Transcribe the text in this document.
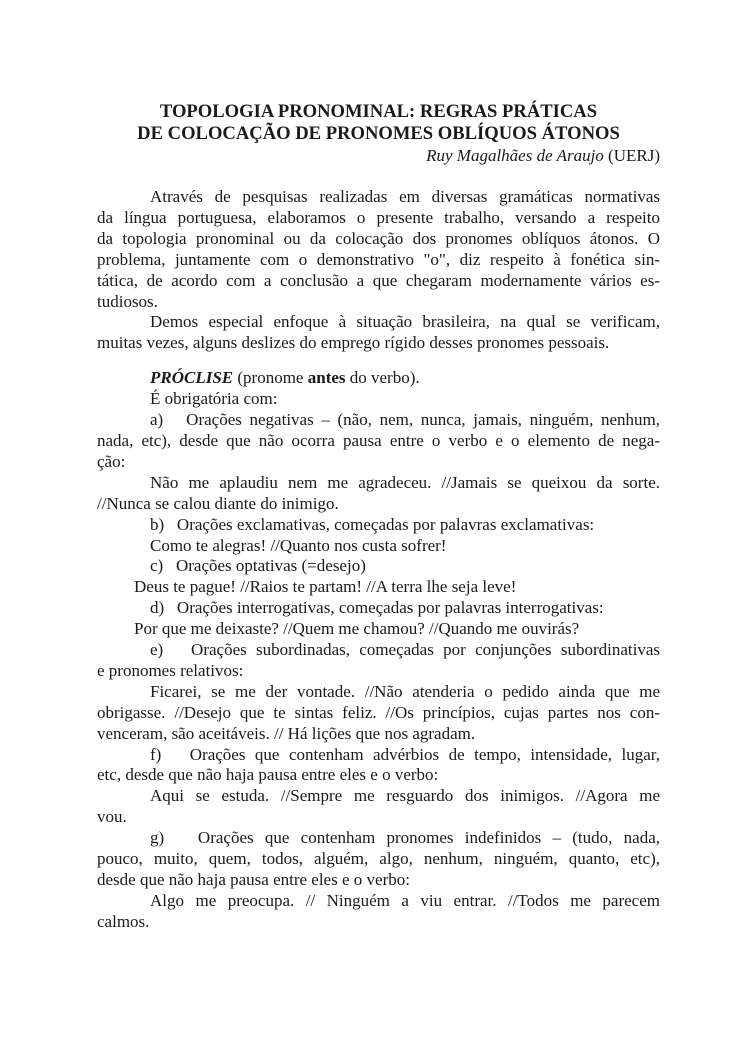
TOPOLOGIA PRONOMINAL: REGRAS PRÁTICAS
DE COLOCAÇÃO DE PRONOMES OBLÍQUOS ÁTONOS
Ruy Magalhães de Araujo (UERJ)
Através de pesquisas realizadas em diversas gramáticas normativas
da língua portuguesa, elaboramos o presente trabalho, versando a respeito
da topologia pronominal ou da colocação dos pronomes oblíquos átonos. O
problema, juntamente com o demonstrativo "o", diz respeito à fonética sin-
tática, de acordo com a conclusão a que chegaram modernamente vários es-
tudiosos.
Demos especial enfoque à situação brasileira, na qual se verificam,
muitas vezes, alguns deslizes do emprego rígido desses pronomes pessoais.
PRÓCLISE (pronome antes do verbo).
É obrigatória com:
a)   Orações negativas – (não, nem, nunca, jamais, ninguém, nenhum,
nada, etc), desde que não ocorra pausa entre o verbo e o elemento de nega-
ção:
Não me aplaudiu nem me agradeceu. //Jamais se queixou da sorte.
//Nunca se calou diante do inimigo.
b)   Orações exclamativas, começadas por palavras exclamativas:
Como te alegras! //Quanto nos custa sofrer!
c)   Orações optativas (=desejo)
Deus te pague! //Raios te partam! //A terra lhe seja leve!
d)   Orações interrogativas, começadas por palavras interrogativas:
Por que me deixaste? //Quem me chamou? //Quando me ouvirás?
e)   Orações subordinadas, começadas por conjunções subordinativas
e pronomes relativos:
Ficarei, se me der vontade. //Não atenderia o pedido ainda que me
obrigasse. //Desejo que te sintas feliz. //Os princípios, cujas partes nos con-
venceram, são aceitáveis. // Há lições que nos agradam.
f)   Orações que contenham advérbios de tempo, intensidade, lugar,
etc, desde que não haja pausa entre eles e o verbo:
Aqui se estuda. //Sempre me resguardo dos inimigos. //Agora me
vou.
g)   Orações que contenham pronomes indefinidos – (tudo, nada,
pouco, muito, quem, todos, alguém, algo, nenhum, ninguém, quanto, etc),
desde que não haja pausa entre eles e o verbo:
Algo me preocupa. // Ninguém a viu entrar. //Todos me parecem
calmos.
